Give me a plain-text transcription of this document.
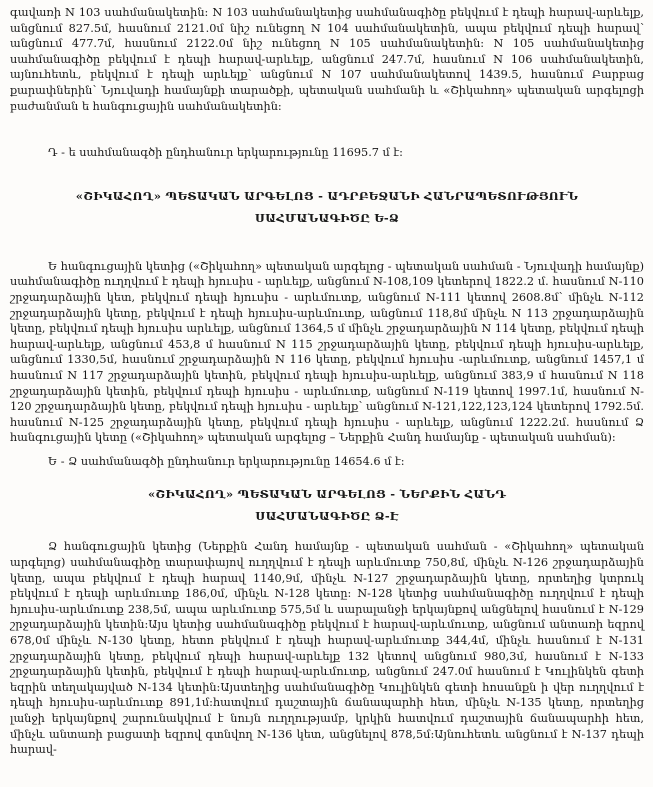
գավառի N 103 սահմանակետին: N 103 սահմանակետից սահմանագիծը բեկվում է դեպի հարավ-արևելք, անցնում 827.5մ, հասնում 2121.0մ նիշ ունեցող N 104 սահմանակետին, ապա բեկվում դեպի հարավ՝ անցնում 477.7մ, հասնում 2122.0մ նիշ ունեցող N 105 սահմանակետին: N 105 սահմանակետից սահմանագիծը բեկվում է դեպի հարավ-արևելք, անցնում 247.7մ, հասնում N 106 սահմանակետին, այնուհետև, բեկվում է դեպի արևելք՝ անցնում N 107 սահմանակետով 1439.5, հասնում Բարբաց քարափներին՝ Նյուվադի համայնքի տարածքի, պետական սահմանի և «Շիկահող» պետական արգելոցի բաժանման ե հանգուցային սահմանակետին:

Դ - ե սահմանագծի ընդհանուր երկարությունը 11695.7 մ է:

«ՇԻԿԱՀՈՂ» ՊԵՏԱԿԱՆ ԱՐԳԵԼՈՑ - ԱԴՐԲԵՋԱՆԻ ՀԱՆՐԱՊԵՏՈՒԹՅՈՒՆ
ՍԱՀՄԱՆԱԳԻԾԸ Ե-Ձ

Ե հանգուցային կետից («Շիկահող» պետական արգելոց - պետական սահման - Նյուվադի համայնք) սահմանագիծը ուղղվում է դեպի հյուսիս - արևելք, անցնում N-108,109 կետերով 1822.2 մ. հասնում N-110 շրջադարձային կետ, բեկվում դեպի հյուսիս - արևմուտք, անցնում N-111 կետով 2608.8մ՝ մինչև N-112 շրջադարձային կետը, բեկվում է դեպի հյուսիս-արևմուտք, անցնում 118,8մ մինչև N 113 շրջադարձային կետը, բեկվում դեպի հյուսիս արևելք, անցնում 1364,5 մ մինչև շրջադարձային N 114 կետը, բեկվում դեպի հարավ-արևելք, անցնում 453,8 մ հասնում N 115 շրջադարձային կետը, բեկվում դեպի հյուսիս-արևելք, անցնում 1330,5մ, հասնում շրջադարձային N 116 կետը, բեկվում հյուսիս -արևմուտք, անցնում 1457,1 մ հասնում N 117 շրջադարձային կետին, բեկվում դեպի հյուսիս-արևելք, անցնում 383,9 մ հասնում N 118 շրջադարձային կետին, բեկվում դեպի հյուսիս - արևմուտք, անցնում N-119 կետով 1997.1մ, հասնում N-120 շրջադարձային կետը, բեկվում դեպի հյուսիս - արևելք՝ անցնում N-121,122,123,124 կետերով 1792.5մ. հասնում N-125 շրջադարձային կետը, բեկվում դեպի հյուսիս - արևելք, անցնում 1222.2մ. հասնում Ձ հանգուցային կետը («Շիկահող» պետական արգելոց – Ներքին Հանդ համայնք - պետական սահման):

Ե - Ձ սահմանագծի ընդհանուր երկարությունը 14654.6 մ է:

«ՇԻԿԱՀՈՂ» ՊԵՏԱԿԱՆ ԱՐԳԵԼՈՑ - ՆԵՐՔԻՆ ՀԱՆԴ
ՍԱՀՄԱՆԱԳԻԾԸ Ձ-Է

Ձ հանգուցային կետից (Ներքին Հանդ համայնք - պետական սահման - «Շիկահող» պետական արգելոց) սահմանագիծը տարափայով ուղղվում է դեպի արևմուտք 750,8մ, մինչև N-126 շրջադարձային կետը, ապա բեկվում է դեպի հարավ 1140,9մ, մինչև N-127 շրջադարձային կետը, որտեղից կտրուկ բեկվում է դեպի արևմուտք 186,0մ, մինչև N-128 կետը: N-128 կետից սահմանագիծը ուղղվում է դեպի հյուսիս-արևմուտք 238,5մ, ապա արևմուտք 575,5մ և սարալանջի երկայնքով անցնելով հասնում է N-129 շրջադարձային կետին:Այս կետից սահմանագիծը բեկվում է հարավ-արևմուտք, անցնում անտառի եզրով 678,0մ մինչև N-130 կետը, հետո բեկվում է դեպի հարավ-արևմուտք 344,4մ, մինչև հասնում է N-131 շրջադարձային կետը, բեկվում դեպի հարավ-արևելք 132 կետով անցնում 980,3մ, հասնում է N-133 շրջադարձային կետին, բեկվում է դեպի հարավ-արևմուտք, անցնում 247.0մ հասնում է Կուլինկեն գետի եզրին տեղակայված N-134 կետին:Այստեղից սահմանագիծը Կուլինկեն գետի հոսանքն ի վեր ուղղվում է դեպի հյուսիս-արևմուտք 891,1մ:հատվում դաշտային ճանապարհի հետ, մինչև N-135 կետը, որտեղից լանջի երկայնքով շարունակվում է նույն ուղղությամբ, կրկին հատվում դաշտային ճանապարհի հետ, մինչև անտառի բացատի եզրով գտնվող N-136 կետ, անցնելով 878,5մ:Այնուհետև անցնում է N-137 դեպի հարավ-
